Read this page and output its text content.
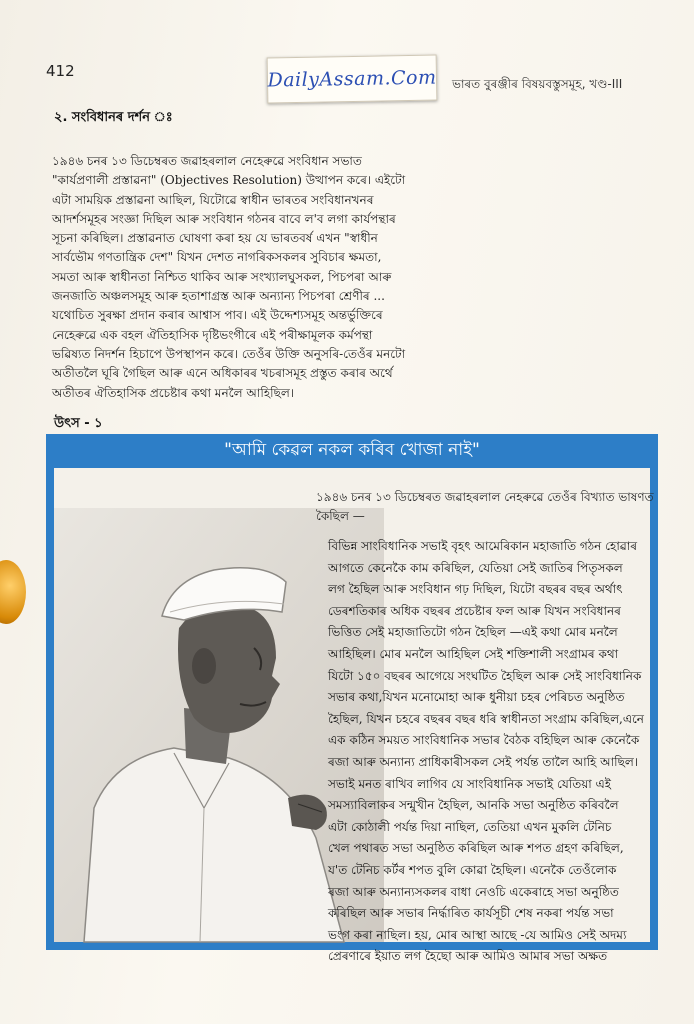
412	DailyAssam.Com ভাৰত বুৰঞ্জীৰ বিষয়বস্তুসমূহ, খণ্ড-III
২. সংবিধানৰ দৰ্শন ঃ

১৯৪৬ চনৰ ১৩ ডিচেম্বৰত জৱাহৰলাল নেহেৰুৱে সংবিধান সভাত

"কাৰ্যপ্ৰণালী প্ৰস্তাৱনা" (Objectives Resolution) উত্থাপন কৰে। এইটো

এটা সাময়িক প্ৰস্তাৱনা আছিল, যিটোৱে স্বাধীন ভাৰতৰ সংবিধানখনৰ

আদৰ্শসমূহৰ সংজ্ঞা দিছিল আৰু সংবিধান গঠনৰ বাবে ল'ব লগা কাৰ্যপন্থাৰ

সূচনা কৰিছিল। প্ৰস্তাৱনাত ঘোষণা কৰা হয় যে ভাৰতবৰ্ষ এখন "স্বাধীন

সাৰ্বভৌম গণতান্ত্ৰিক দেশ" যিখন দেশত নাগৰিকসকলৰ সুবিচাৰ ক্ষমতা,

সমতা আৰু স্বাধীনতা নিশ্চিত থাকিব আৰু সংখ্যালঘুসকল, পিচপৰা আৰু

জনজাতি অঞ্চলসমূহ আৰু হতাশাগ্ৰস্ত আৰু অন্যান্য পিচপৰা শ্ৰেণীৰ ...

যথোচিত সুৰক্ষা প্ৰদান কৰাৰ আশ্বাস পাব। এই উদ্দেশ্যসমূহ অন্তৰ্ভুক্তিৰে

নেহেৰুৱে এক বহল ঐতিহাসিক দৃষ্টিভংগীৰে এই পৰীক্ষামূলক কৰ্মপন্থা

ভৱিষ্যত নিদৰ্শন হিচাপে উপস্থাপন কৰে। তেওঁৰ উক্তি অনুসৰি-তেওঁৰ মনটো

অতীতলৈ ঘূৰি গৈছিল আৰু এনে অধিকাৰৰ খচৰাসমূহ প্ৰস্তুত কৰাৰ অৰ্থে

অতীতৰ ঐতিহাসিক প্ৰচেষ্টাৰ কথা মনলৈ আহিছিল।

উৎস - ১
"আমি কেৱল নকল কৰিব খোজা নাই"

১৯৪৬ চনৰ ১৩ ডিচেম্বৰত জৱাহৰলাল নেহৰুৱে তেওঁৰ বিখ্যাত ভাষণত

কৈছিল —

বিভিন্ন সাংবিধানিক সভাই বৃহৎ আমেৰিকান মহাজাতি গঠন হোৱাৰ

আগতে কেনেকৈ কাম কৰিছিল, যেতিয়া সেই জাতিৰ পিতৃসকল

লগ হৈছিল আৰু সংবিধান গঢ় দিছিল, যিটো বছৰৰ বছৰ অৰ্থাৎ

ডেৰশতিকাৰ অধিক বছৰৰ প্ৰচেষ্টাৰ ফল আৰু যিখন সংবিধানৰ

ভিত্তিত সেই মহাজাতিটো গঠন হৈছিল —এই কথা মোৰ মনলৈ

আহিছিল। মোৰ মনলৈ আহিছিল সেই শক্তিশালী সংগ্ৰামৰ কথা

যিটো ১৫০ বছৰৰ আগেয়ে সংঘটিত হৈছিল আৰু সেই সাংবিধানিক

সভাৰ কথা,যিখন মনোমোহা আৰু ধুনীয়া চহৰ পেৰিচত অনুষ্ঠিত

হৈছিল, যিখন চহৰে বছৰৰ বছৰ ধৰি স্বাধীনতা সংগ্ৰাম কৰিছিল,এনে

এক কঠিন সময়ত সাংবিধানিক সভাৰ বৈঠক বহিছিল আৰু কেনেকৈ

ৰজা আৰু অন্যান্য প্ৰাধিকাৰীসকল সেই পৰ্যন্ত তালৈ আহি আছিল।

সভাই মনত ৰাখিব লাগিব যে সাংবিধানিক সভাই যেতিয়া এই

সমস্যাবিলাকৰ সন্মুখীন হৈছিল, আনকি সভা অনুষ্ঠিত কৰিবলৈ

এটা কোঠালী পৰ্যন্ত দিয়া নাছিল, তেতিয়া এখন মুকলি টেনিচ

খেল পথাৰত সভা অনুষ্ঠিত কৰিছিল আৰু শপত গ্ৰহণ কৰিছিল,

য'ত টেনিচ কৰ্টৰ শপত বুলি কোৱা হৈছিল। এনেকৈ তেওঁলোক

ৰজা আৰু অন্যান্যসকলৰ বাধা নেওচি একেৰাহে সভা অনুষ্ঠিত

কৰিছিল আৰু সভাৰ নিৰ্দ্ধাৰিত কাৰ্যসূচী শেষ নকৰা পৰ্যন্ত সভা

ভংগ কৰা নাছিল। হয়, মোৰ আস্থা আছে -যে আমিও সেই অদম্য

প্ৰেৰণাৰে ইয়াত লগ হৈছো আৰু আমিও আমাৰ সভা অক্ষত
